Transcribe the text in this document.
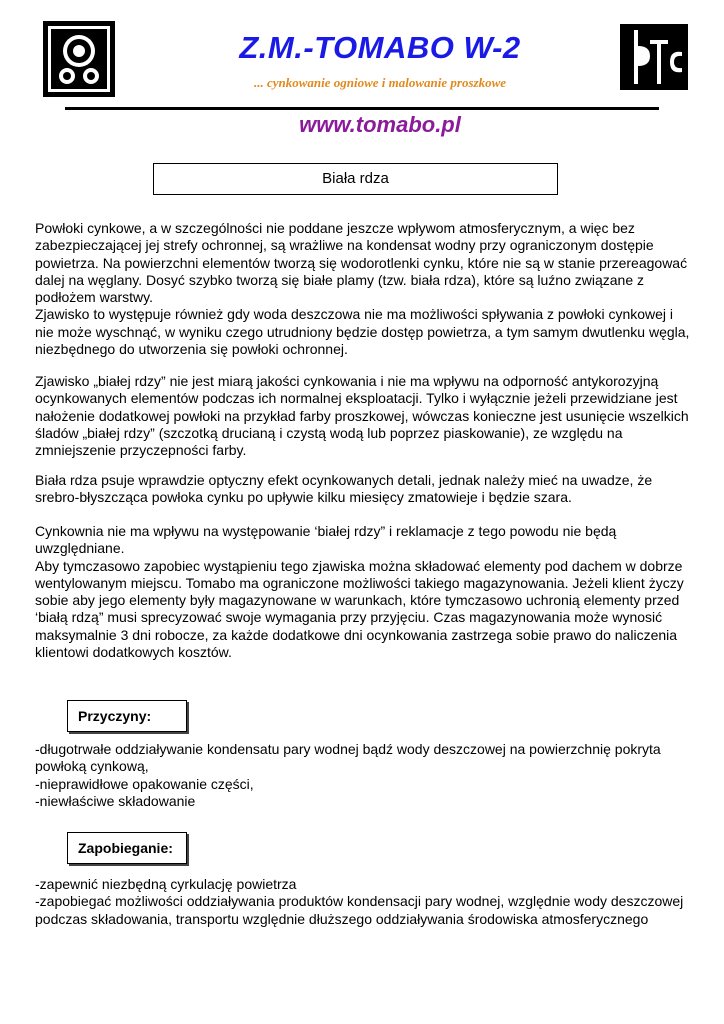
Z.M.-TOMABO W-2
... cynkowanie ogniowe i malowanie proszkowe
www.tomabo.pl
Biała rdza

Powłoki cynkowe, a w szczególności nie poddane jeszcze wpływom atmosferycznym, a więc bez zabezpieczającej jej strefy ochronnej, są wrażliwe na kondensat wodny przy ograniczonym dostępie powietrza. Na powierzchni elementów tworzą się wodorotlenki cynku, które nie są w stanie przereagować dalej na węglany. Dosyć szybko tworzą się białe plamy (tzw. biała rdza), które są luźno związane z podłożem warstwy.

Zjawisko to występuje również gdy woda deszczowa nie ma możliwości spływania z powłoki cynkowej i nie może wyschnąć, w wyniku czego utrudniony będzie dostęp powietrza, a tym samym dwutlenku węgla, niezbędnego do utworzenia się powłoki ochronnej.

Zjawisko „białej rdzy” nie jest miarą jakości cynkowania i nie ma wpływu na odporność antykorozyjną ocynkowanych elementów podczas ich normalnej eksploatacji. Tylko i wyłącznie jeżeli przewidziane jest nałożenie dodatkowej powłoki na przykład farby proszkowej, wówczas konieczne jest usunięcie wszelkich śladów „białej rdzy” (szczotką drucianą i czystą wodą lub poprzez piaskowanie), ze względu na zmniejszenie przyczepności farby.

Biała rdza psuje wprawdzie optyczny efekt ocynkowanych detali, jednak należy mieć na uwadze, że srebro-błyszcząca powłoka cynku po upływie kilku miesięcy zmatowieje i będzie szara.

Cynkownia nie ma wpływu na występowanie ‘białej rdzy” i reklamacje z tego powodu nie będą uwzględniane.

Aby tymczasowo zapobiec wystąpieniu tego zjawiska można składować elementy pod dachem w dobrze wentylowanym miejscu. Tomabo ma ograniczone możliwości takiego magazynowania. Jeżeli klient życzy sobie aby jego elementy były magazynowane w warunkach, które tymczasowo uchronią elementy przed ‘białą rdzą” musi sprecyzować swoje wymagania przy przyjęciu. Czas magazynowania może wynosić maksymalnie 3 dni robocze, za każde dodatkowe dni ocynkowania zastrzega sobie prawo do naliczenia klientowi dodatkowych kosztów.

Przyczyny:

-długotrwałe oddziaływanie kondensatu pary wodnej bądź wody deszczowej na powierzchnię pokryta powłoką cynkową,

-nieprawidłowe opakowanie części,

-niewłaściwe składowanie

Zapobieganie:

-zapewnić niezbędną cyrkulację powietrza

-zapobiegać możliwości oddziaływania produktów kondensacji pary wodnej, względnie wody deszczowej podczas składowania, transportu względnie dłuższego oddziaływania środowiska atmosferycznego
